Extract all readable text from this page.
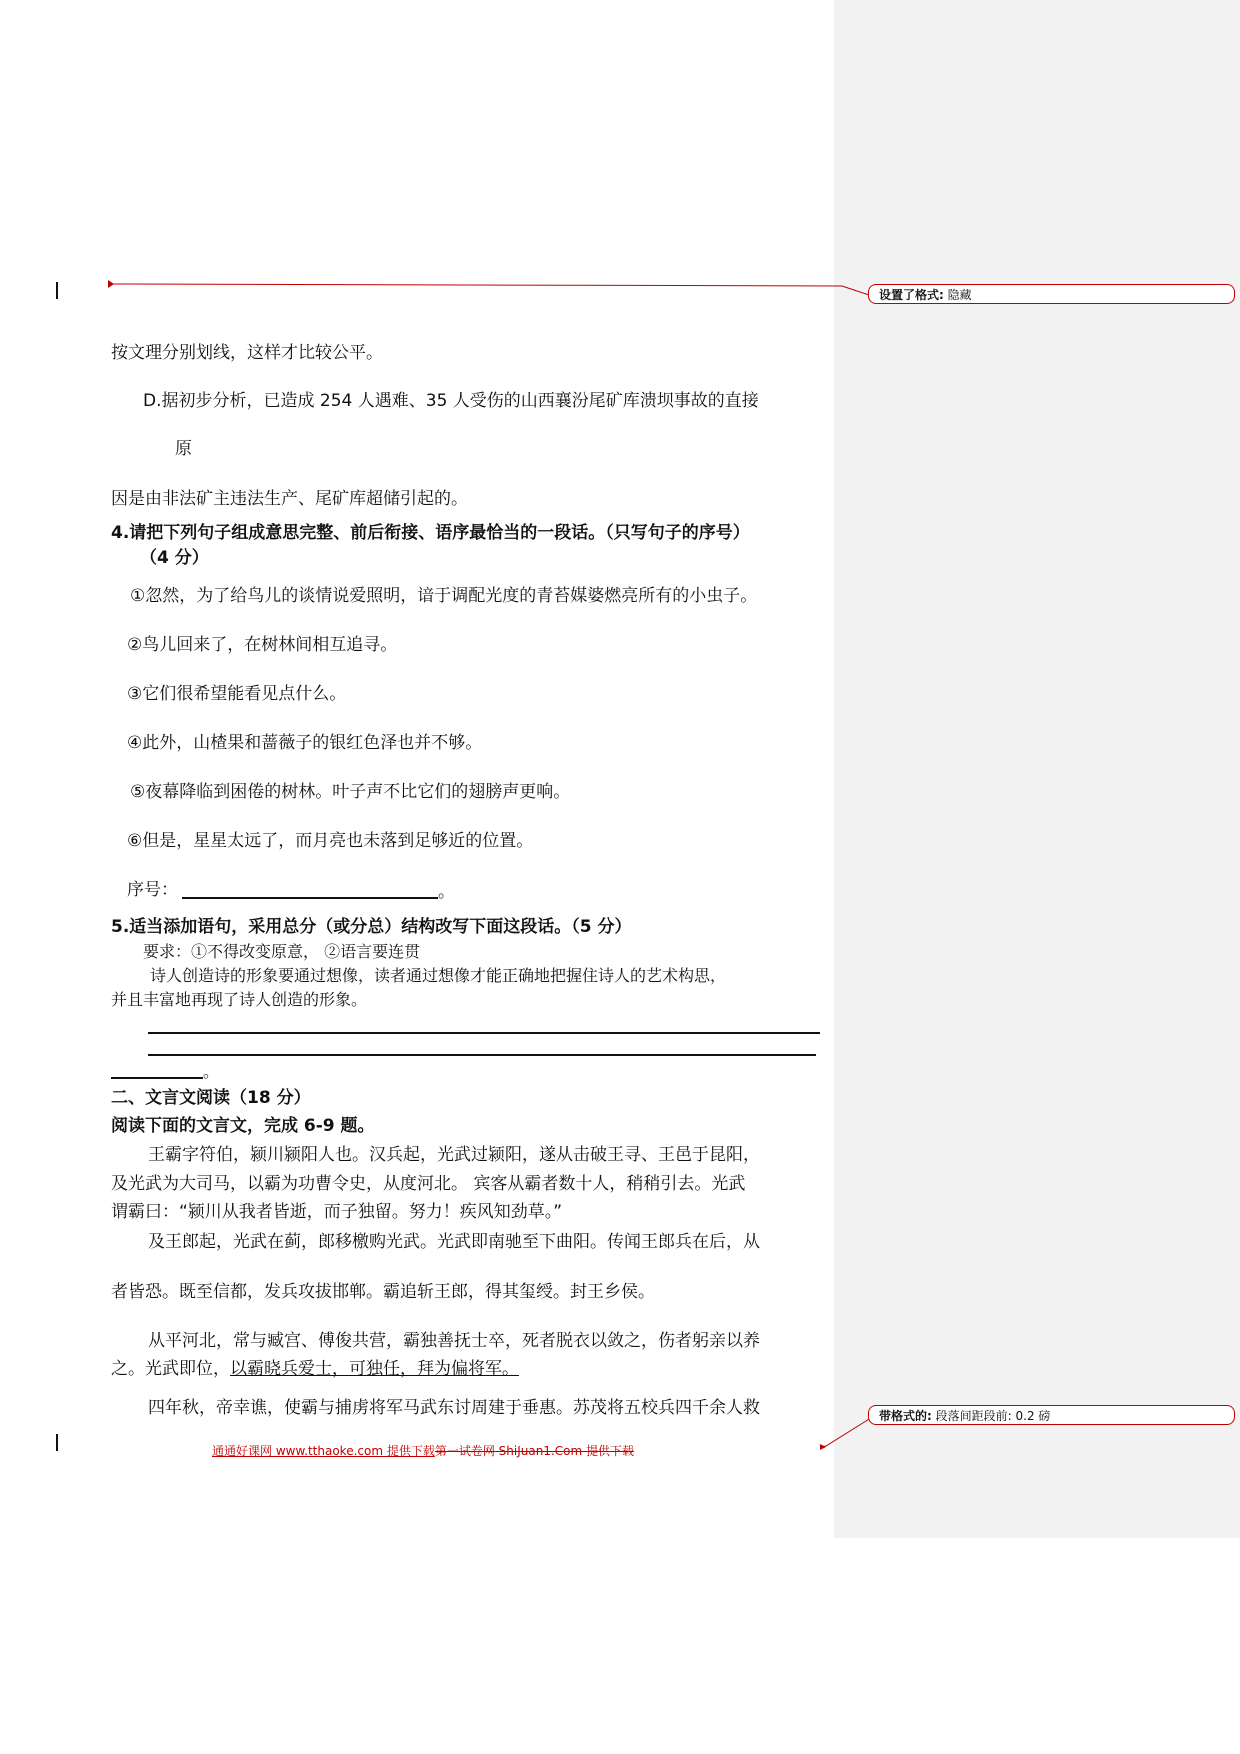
设置了格式: 隐藏
带格式的: 段落间距段前: 0.2 磅
按文理分别划线，这样才比较公平。
D.据初步分析，已造成 254 人遇难、35 人受伤的山西襄汾尾矿库溃坝事故的直接
原
因是由非法矿主违法生产、尾矿库超储引起的。
4.请把下列句子组成意思完整、前后衔接、语序最恰当的一段话。（只写句子的序号）
（4 分）
①忽然，为了给鸟儿的谈情说爱照明，谙于调配光度的青苔媒婆燃亮所有的小虫子。
②鸟儿回来了，在树林间相互追寻。
③它们很希望能看见点什么。
④此外，山楂果和蔷薇子的银红色泽也并不够。
⑤夜幕降临到困倦的树林。叶子声不比它们的翅膀声更响。
⑥但是，星星太远了，而月亮也未落到足够近的位置。
序号：	。
5.适当添加语句，采用总分（或分总）结构改写下面这段话。（5 分）
要求：①不得改变原意， ②语言要连贯
诗人创造诗的形象要通过想像，读者通过想像才能正确地把握住诗人的艺术构思，
并且丰富地再现了诗人创造的形象。
。
二、文言文阅读（18 分）
阅读下面的文言文，完成 6-9 题。
王霸字符伯，颍川颍阳人也。汉兵起，光武过颍阳，遂从击破王寻、王邑于昆阳，
及光武为大司马，以霸为功曹令史，从度河北。 宾客从霸者数十人，稍稍引去。光武
谓霸曰：“颍川从我者皆逝，而子独留。努力！疾风知劲草。”
及王郎起，光武在蓟，郎移檄购光武。光武即南驰至下曲阳。传闻王郎兵在后，从
者皆恐。既至信都，发兵攻拔邯郸。霸追斩王郎，得其玺绶。封王乡侯。
从平河北，常与臧宫、傅俊共营，霸独善抚士卒，死者脱衣以敛之，伤者躬亲以养
之。光武即位，以霸晓兵爱士，可独任，拜为偏将军。
四年秋，帝幸谯，使霸与捕虏将军马武东讨周建于垂惠。苏茂将五校兵四千余人救
通通好课网 www.tthaoke.com 提供下载第一试卷网 ShiJuan1.Com 提供下载
